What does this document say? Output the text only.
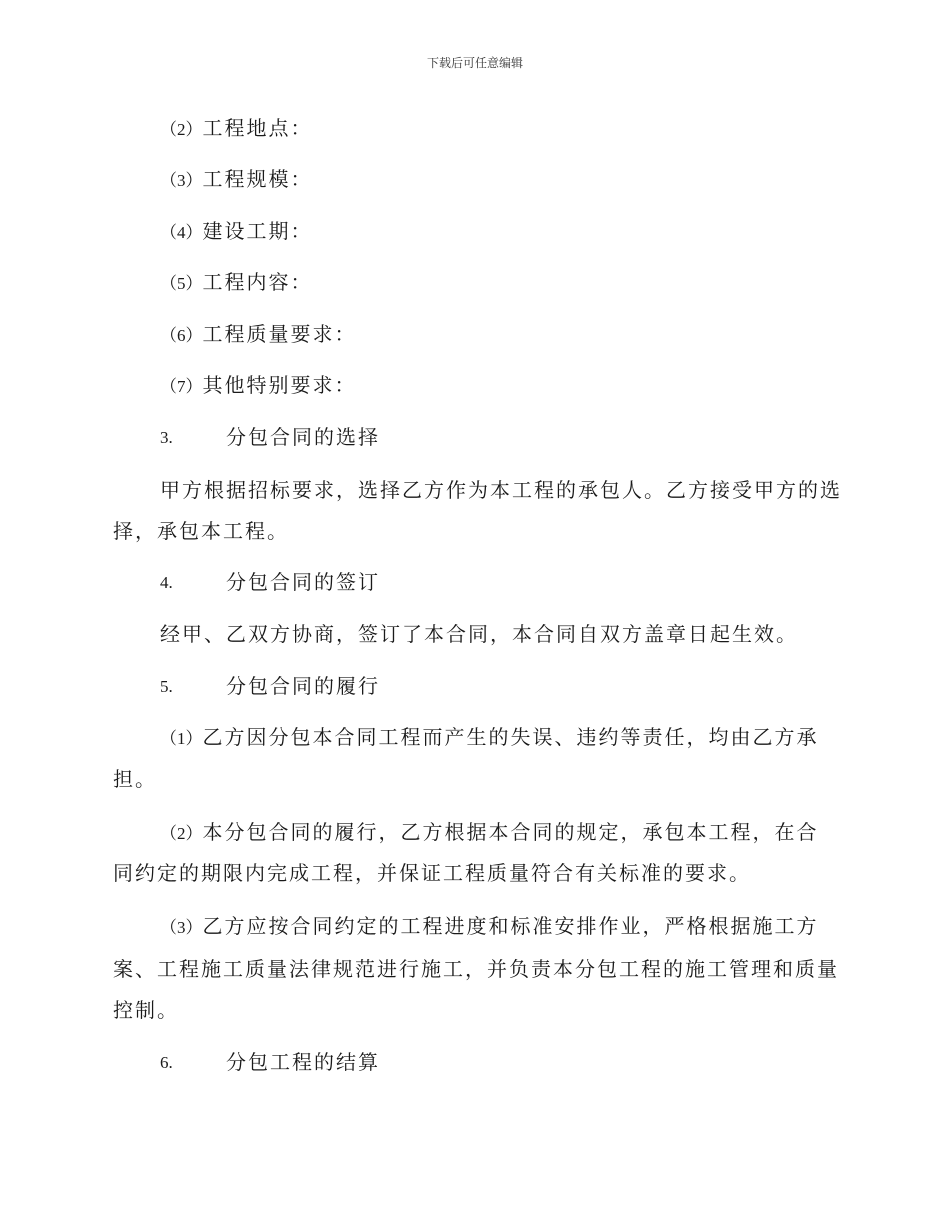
下载后可任意编辑
（2）工程地点：
（3）工程规模：
（4）建设工期：
（5）工程内容：
（6）工程质量要求：
（7）其他特别要求：
3.	分包合同的选择
甲方根据招标要求，选择乙方作为本工程的承包人。乙方接受甲方的选
择，承包本工程。
4.	分包合同的签订
经甲、乙双方协商，签订了本合同，本合同自双方盖章日起生效。
5.	分包合同的履行
（1）乙方因分包本合同工程而产生的失误、违约等责任，均由乙方承
担。
（2）本分包合同的履行，乙方根据本合同的规定，承包本工程，在合
同约定的期限内完成工程，并保证工程质量符合有关标准的要求。
（3）乙方应按合同约定的工程进度和标准安排作业，严格根据施工方
案、工程施工质量法律规范进行施工，并负责本分包工程的施工管理和质量
控制。
6.	分包工程的结算
